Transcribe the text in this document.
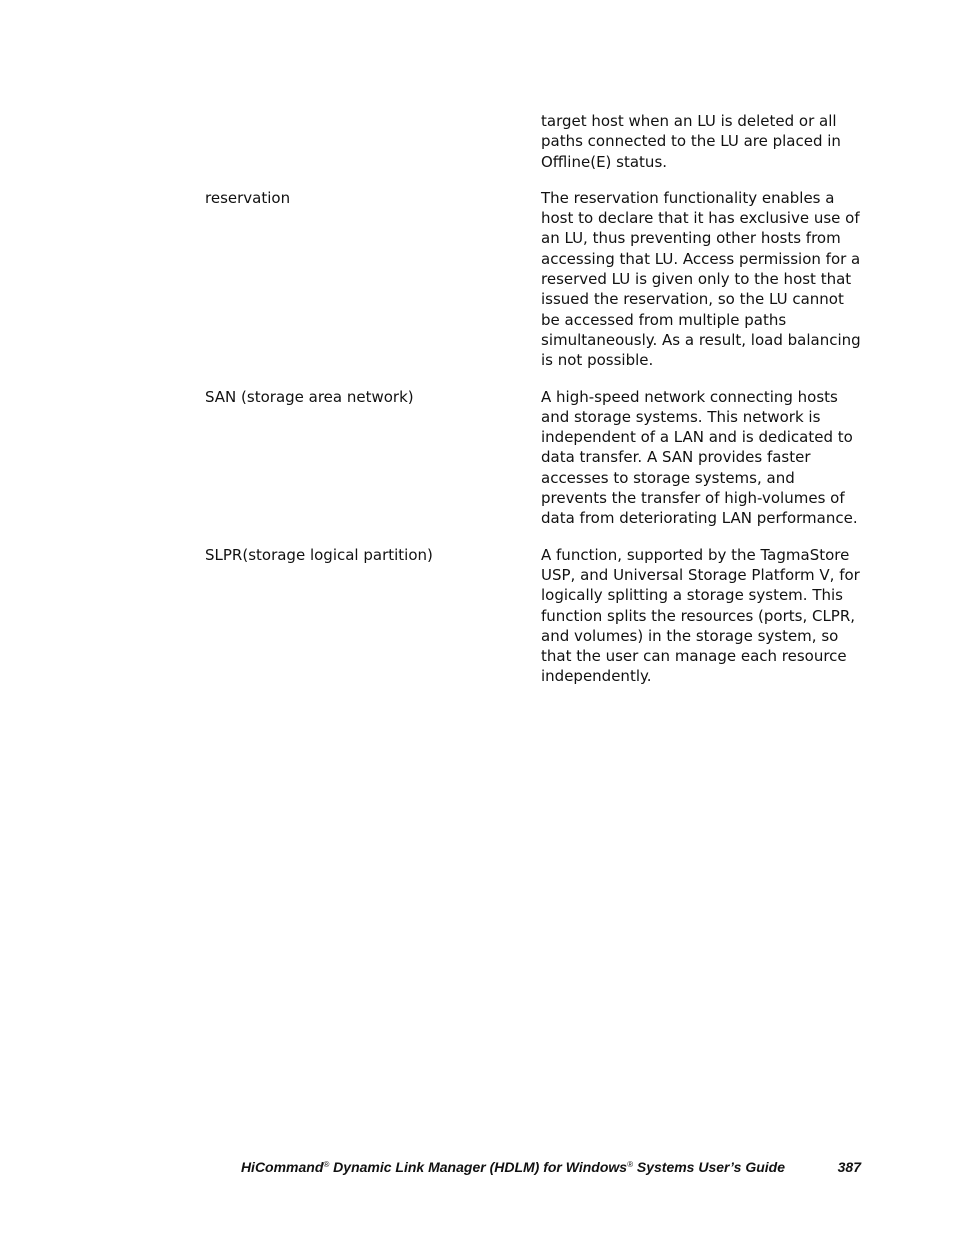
target host when an LU is deleted or all paths connected to the LU are placed in Offline(E) status.
reservation	The reservation functionality enables a host to declare that it has exclusive use of an LU, thus preventing other hosts from accessing that LU. Access permission for a reserved LU is given only to the host that issued the reservation, so the LU cannot be accessed from multiple paths simultaneously. As a result, load balancing is not possible.
SAN (storage area network)	A high-speed network connecting hosts and storage systems. This network is independent of a LAN and is dedicated to data transfer. A SAN provides faster accesses to storage systems, and prevents the transfer of high-volumes of data from deteriorating LAN performance.
SLPR(storage logical partition)	A function, supported by the TagmaStore USP, and Universal Storage Platform V, for logically splitting a storage system. This function splits the resources (ports, CLPR, and volumes) in the storage system, so that the user can manage each resource independently.
HiCommand® Dynamic Link Manager (HDLM) for Windows® Systems User’s Guide	387
